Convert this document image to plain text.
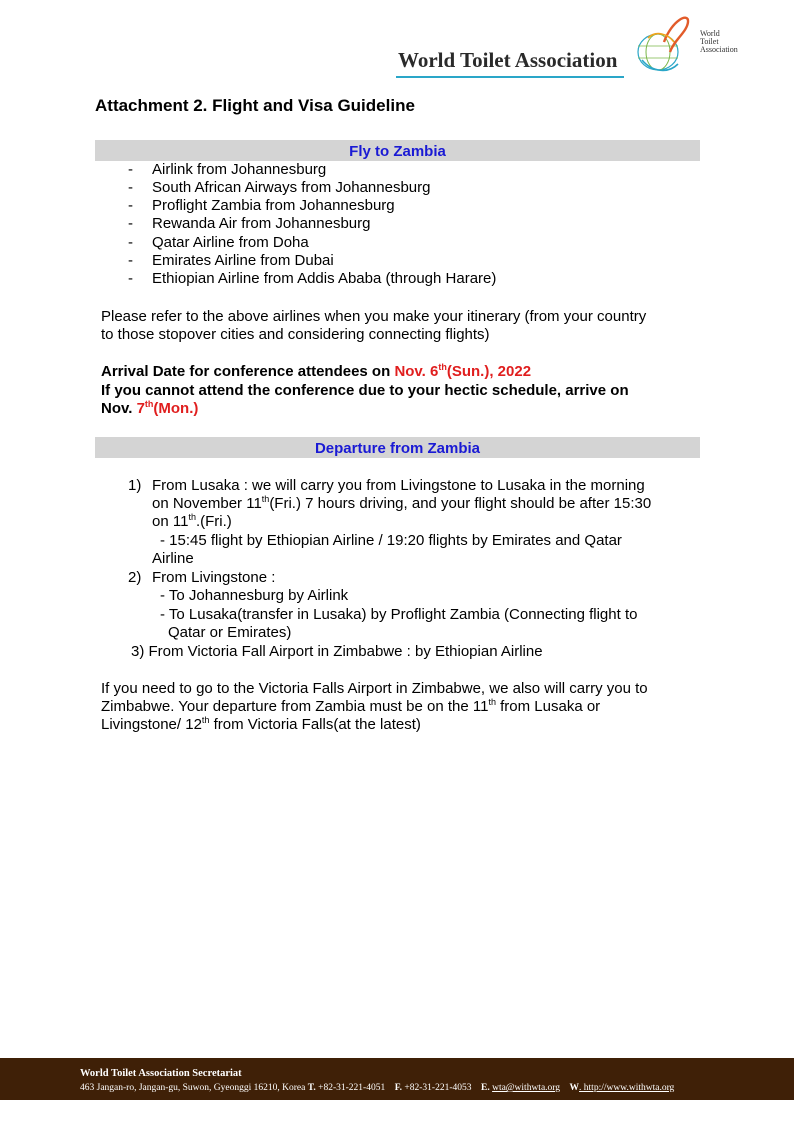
World Toilet Association
World
Toilet
Association
Attachment 2. Flight and Visa Guideline
Fly to Zambia
- Airlink from Johannesburg
- South African Airways from Johannesburg
- Proflight Zambia from Johannesburg
- Rewanda Air from Johannesburg
- Qatar Airline from Doha
- Emirates Airline from Dubai
- Ethiopian Airline from Addis Ababa (through Harare)
Please refer to the above airlines when you make your itinerary (from your country
to those stopover cities and considering connecting flights)
Arrival Date for conference attendees on Nov. 6th(Sun.), 2022
If you cannot attend the conference due to your hectic schedule, arrive on
Nov. 7th(Mon.)
Departure from Zambia
1) From Lusaka : we will carry you from Livingstone to Lusaka in the morning
on November 11th(Fri.) 7 hours driving, and your flight should be after 15:30
on 11th.(Fri.)
- 15:45 flight by Ethiopian Airline / 19:20 flights by Emirates and Qatar
Airline
2) From Livingstone :
- To Johannesburg by Airlink
- To Lusaka(transfer in Lusaka) by Proflight Zambia (Connecting flight to
Qatar or Emirates)
3) From Victoria Fall Airport in Zimbabwe : by Ethiopian Airline
If you need to go to the Victoria Falls Airport in Zimbabwe, we also will carry you to
Zimbabwe. Your departure from Zambia must be on the 11th from Lusaka or
Livingstone/ 12th from Victoria Falls(at the latest)
World Toilet Association Secretariat
463 Jangan-ro, Jangan-gu, Suwon, Gyeonggi 16210, Korea T. +82-31-221-4051 F. +82-31-221-4053 E. wta@withwta.org W. http://www.withwta.org
